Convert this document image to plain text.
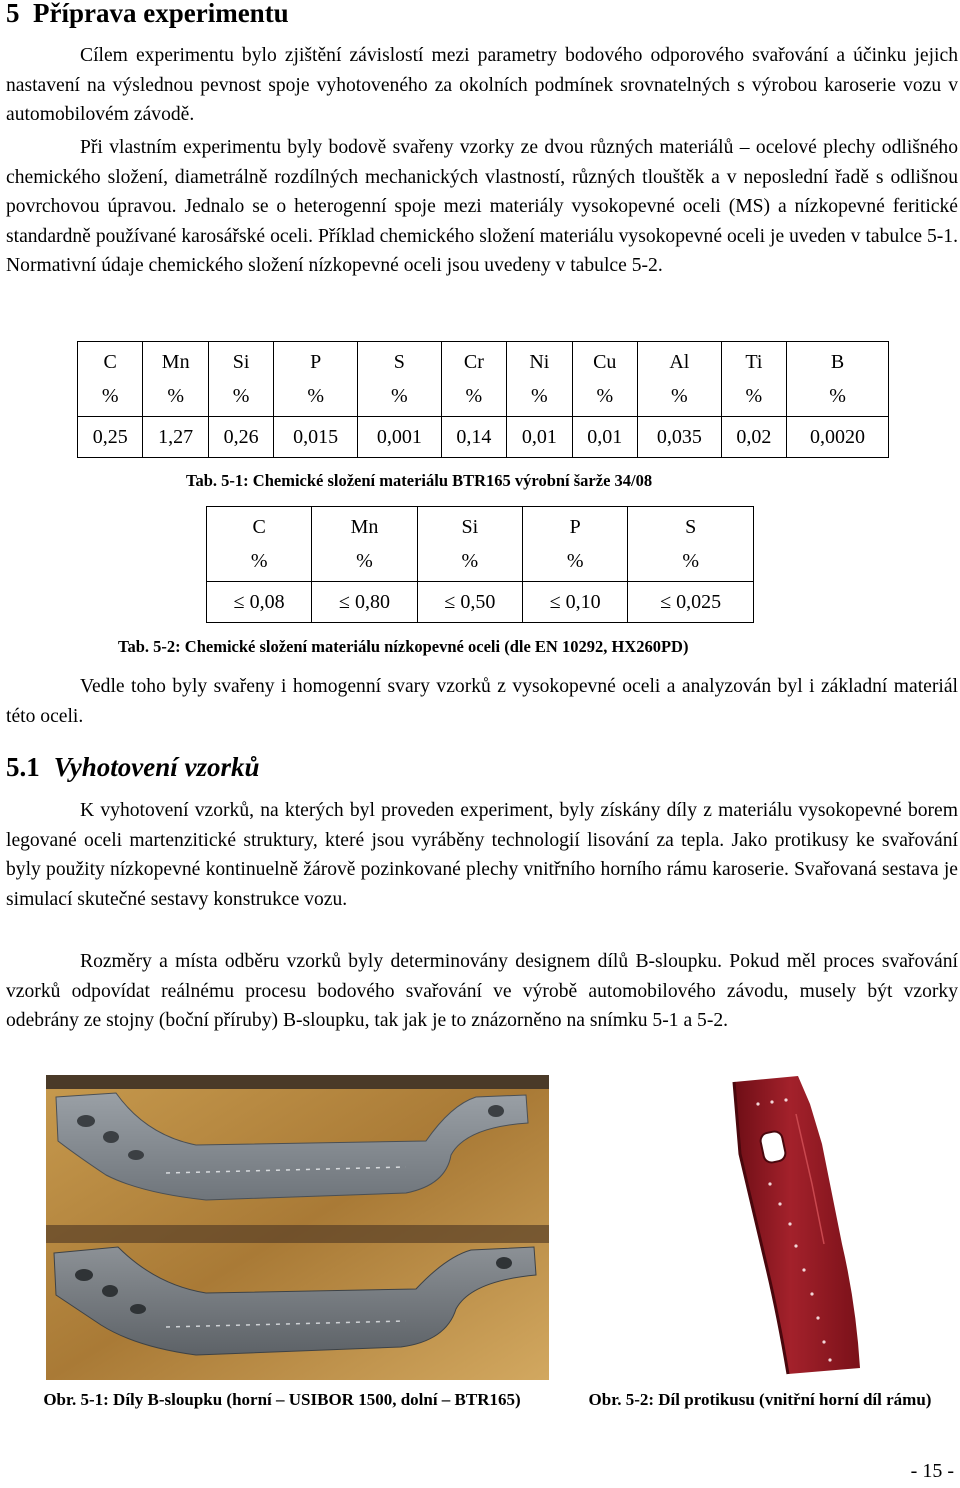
5 Příprava experimentu

Cílem experimentu bylo zjištění závislostí mezi parametry bodového odporového svařování a účinku jejich nastavení na výslednou pevnost spoje vyhotoveného za okolních podmínek srovnatelných s výrobou karoserie vozu v automobilovém závodě.

Při vlastním experimentu byly bodově svařeny vzorky ze dvou různých materiálů – ocelové plechy odlišného chemického složení, diametrálně rozdílných mechanických vlastností, různých tlouštěk a v neposlední řadě s odlišnou povrchovou úpravou. Jednalo se o heterogenní spoje mezi materiály vysokopevné oceli (MS) a nízkopevné feritické standardně používané karosářské oceli. Příklad chemického složení materiálu vysokopevné oceli je uveden v tabulce 5-1. Normativní údaje chemického složení nízkopevné oceli jsou uvedeny v tabulce 5-2.

C
%	Mn
%	Si
%	P
%	S
%	Cr
%	Ni
%	Cu
%	Al
%	Ti
%	B
%
0,25	1,27	0,26	0,015	0,001	0,14	0,01	0,01	0,035	0,02	0,0020
Tab. 5-1: Chemické složení materiálu BTR165 výrobní šarže 34/08
C
%	Mn
%	Si
%	P
%	S
%
≤ 0,08	≤ 0,80	≤ 0,50	≤ 0,10	≤ 0,025
Tab. 5-2: Chemické složení materiálu nízkopevné oceli (dle EN 10292, HX260PD)

Vedle toho byly svařeny i homogenní svary vzorků z vysokopevné oceli a analyzován byl i základní materiál této oceli.

5.1 Vyhotovení vzorků

K vyhotovení vzorků, na kterých byl proveden experiment, byly získány díly z materiálu vysokopevné borem legované oceli martenzitické struktury, které jsou vyráběny technologií lisování za tepla. Jako protikusy ke svařování byly použity nízkopevné kontinuelně žárově pozinkované plechy vnitřního horního rámu karoserie. Svařovaná sestava je simulací skutečné sestavy konstrukce vozu.

Rozměry a místa odběru vzorků byly determinovány designem dílů B-sloupku. Pokud měl proces svařování vzorků odpovídat reálnému procesu bodového svařování ve výrobě automobilového závodu, musely být vzorky odebrány ze stojny (boční příruby) B-sloupku, tak jak je to znázorněno na snímku 5-1 a 5-2.

Obr. 5-1: Díly B-sloupku (horní – USIBOR 1500, dolní – BTR165)	Obr. 5-2: Díl protikusu (vnitřní horní díl rámu)
- 15 -
